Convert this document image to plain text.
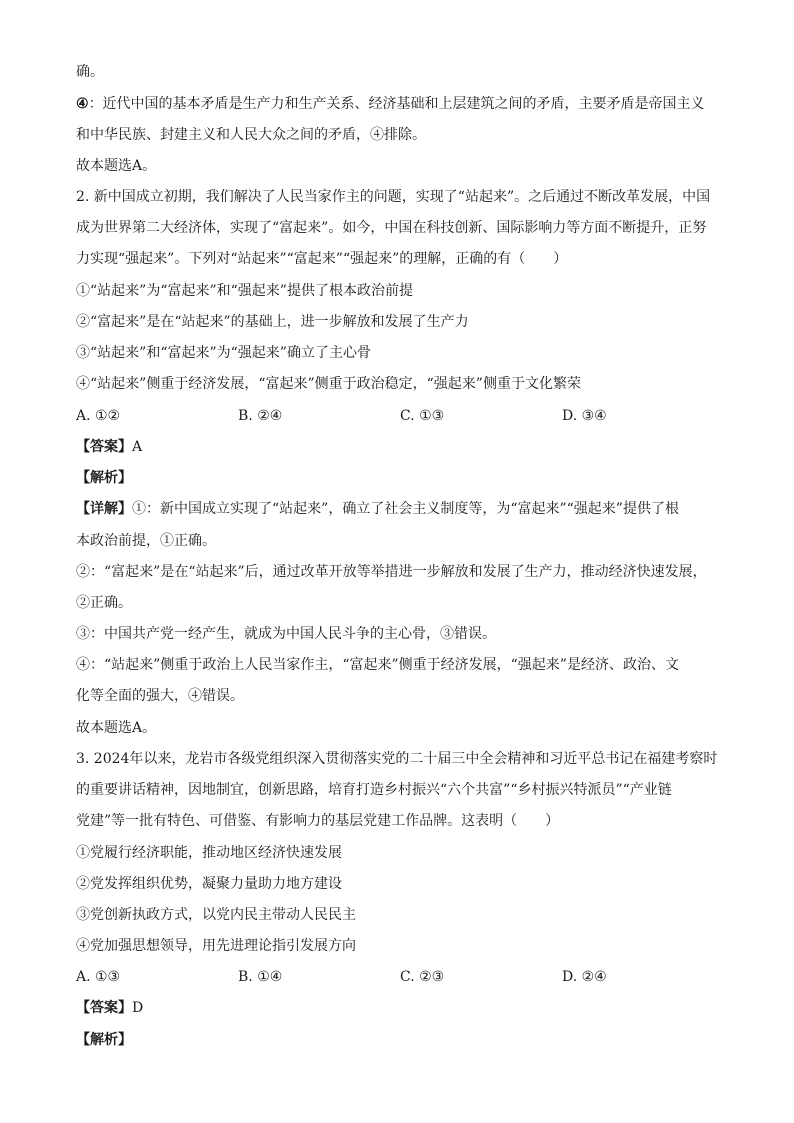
确。
④：近代中国的基本矛盾是生产力和生产关系、经济基础和上层建筑之间的矛盾，主要矛盾是帝国主义
和中华民族、封建主义和人民大众之间的矛盾，④排除。
故本题选A。
2. 新中国成立初期，我们解决了人民当家作主的问题，实现了“站起来”。之后通过不断改革发展，中国
成为世界第二大经济体，实现了“富起来”。如今，中国在科技创新、国际影响力等方面不断提升，正努
力实现“强起来”。下列对“站起来”“富起来”“强起来”的理解，正确的有（　　）
①“站起来”为“富起来”和“强起来”提供了根本政治前提
②“富起来”是在“站起来”的基础上，进一步解放和发展了生产力
③“站起来”和“富起来”为“强起来”确立了主心骨
④“站起来”侧重于经济发展，“富起来”侧重于政治稳定，“强起来”侧重于文化繁荣
A. ①②	B. ②④	C. ①③	D. ③④
【答案】A
【解析】
【详解】①：新中国成立实现了“站起来”，确立了社会主义制度等，为“富起来”“强起来”提供了根
本政治前提，①正确。
②：“富起来”是在“站起来”后，通过改革开放等举措进一步解放和发展了生产力，推动经济快速发展，
②正确。
③：中国共产党一经产生，就成为中国人民斗争的主心骨，③错误。
④：“站起来”侧重于政治上人民当家作主，“富起来”侧重于经济发展，“强起来”是经济、政治、文
化等全面的强大，④错误。
故本题选A。
3. 2024年以来，龙岩市各级党组织深入贯彻落实党的二十届三中全会精神和习近平总书记在福建考察时
的重要讲话精神，因地制宜，创新思路，培育打造乡村振兴“六个共富”“乡村振兴特派员”“产业链
党建”等一批有特色、可借鉴、有影响力的基层党建工作品牌。这表明（　　）
①党履行经济职能，推动地区经济快速发展
②党发挥组织优势，凝聚力量助力地方建设
③党创新执政方式，以党内民主带动人民民主
④党加强思想领导，用先进理论指引发展方向
A. ①③	B. ①④	C. ②③	D. ②④
【答案】D
【解析】
